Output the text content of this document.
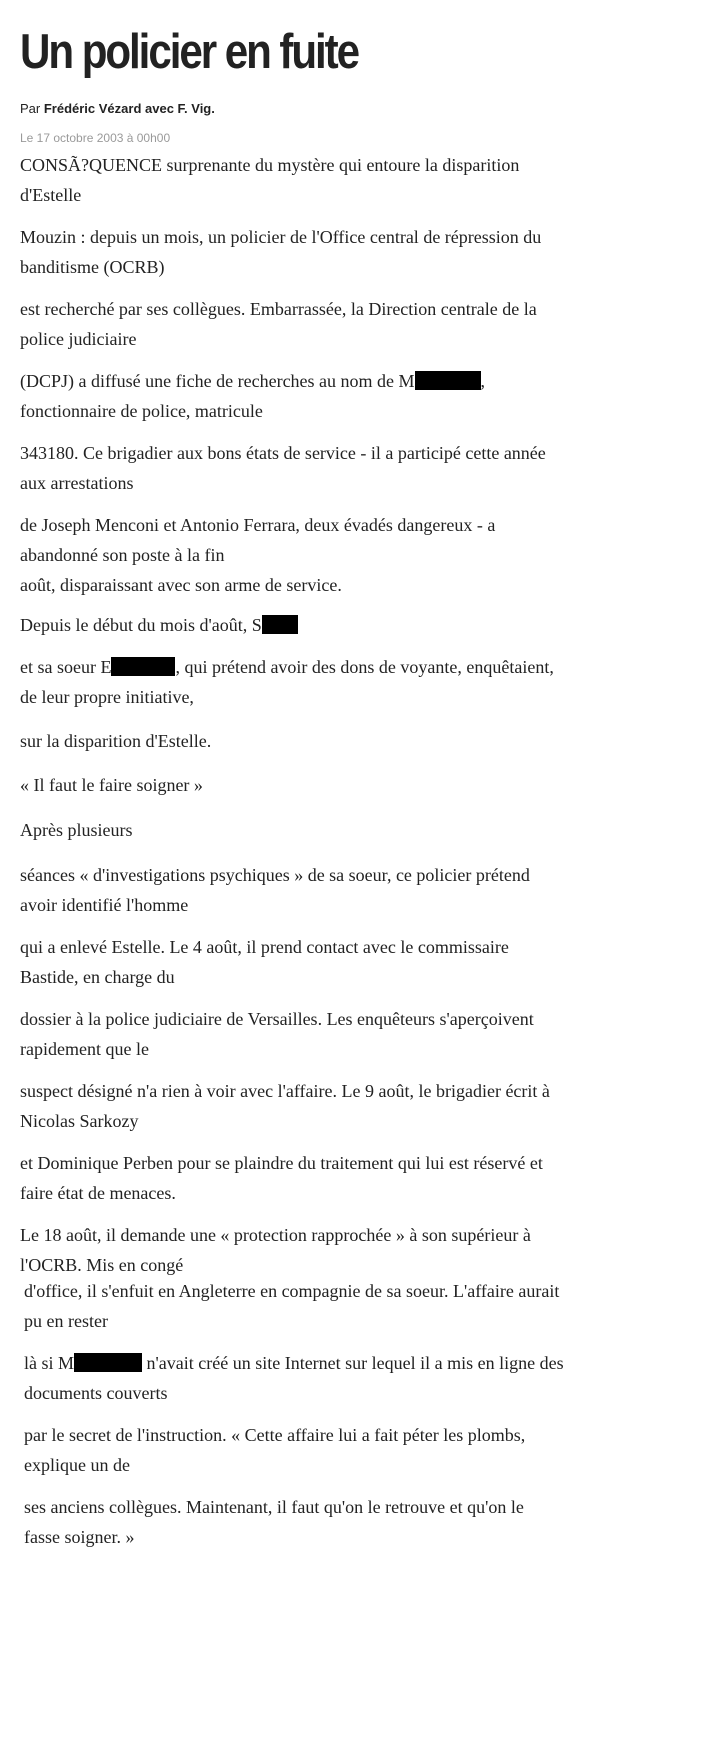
Un policier en fuite
Par Frédéric Vézard avec F. Vig.
Le 17 octobre 2003 à 00h00

CONSÃ?QUENCE surprenante du mystère qui entoure la disparition
d'Estelle

Mouzin : depuis un mois, un policier de l'Office central de répression du
banditisme (OCRB)

est recherché par ses collègues. Embarrassée, la Direction centrale de la
police judiciaire

(DCPJ) a diffusé une fiche de recherches au nom de M	,
fonctionnaire de police, matricule

343180. Ce brigadier aux bons états de service - il a participé cette année
aux arrestations

de Joseph Menconi et Antonio Ferrara, deux évadés dangereux - a
abandonné son poste à la fin
août, disparaissant avec son arme de service.

Depuis le début du mois d'août, S

et sa soeur E	, qui prétend avoir des dons de voyante, enquêtaient,
de leur propre initiative,

sur la disparition d'Estelle.

« Il faut le faire soigner »

Après plusieurs

séances « d'investigations psychiques » de sa soeur, ce policier prétend
avoir identifié l'homme

qui a enlevé Estelle. Le 4 août, il prend contact avec le commissaire
Bastide, en charge du

dossier à la police judiciaire de Versailles. Les enquêteurs s'aperçoivent
rapidement que le

suspect désigné n'a rien à voir avec l'affaire. Le 9 août, le brigadier écrit à
Nicolas Sarkozy

et Dominique Perben pour se plaindre du traitement qui lui est réservé et
faire état de menaces.

Le 18 août, il demande une « protection rapprochée » à son supérieur à
l'OCRB. Mis en congé

d'office, il s'enfuit en Angleterre en compagnie de sa soeur. L'affaire aurait
pu en rester

là si M	n'avait créé un site Internet sur lequel il a mis en ligne des
documents couverts

par le secret de l'instruction. « Cette affaire lui a fait péter les plombs,
explique un de

ses anciens collègues. Maintenant, il faut qu'on le retrouve et qu'on le
fasse soigner. »
